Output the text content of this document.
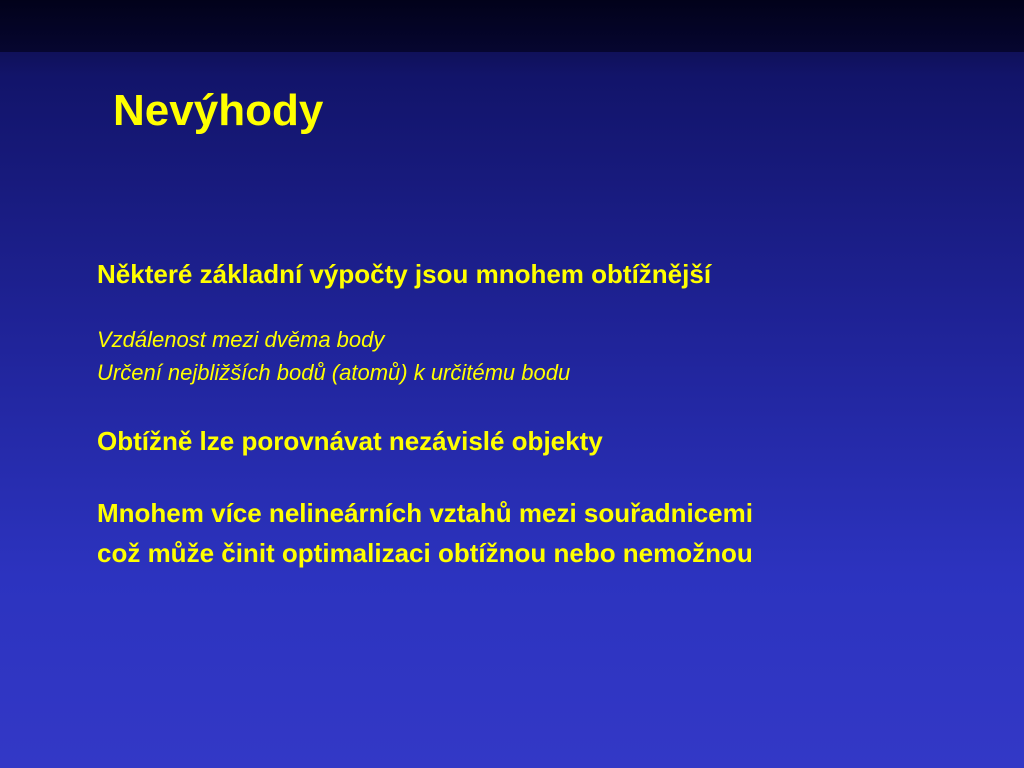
Nevýhody

Některé základní výpočty jsou mnohem obtížnější

Vzdálenost mezi dvěma body

Určení nejbližších bodů (atomů) k určitému bodu

Obtížně lze porovnávat nezávislé objekty

Mnohem více nelineárních vztahů mezi souřadnicemi

což může činit optimalizaci obtížnou nebo nemožnou
